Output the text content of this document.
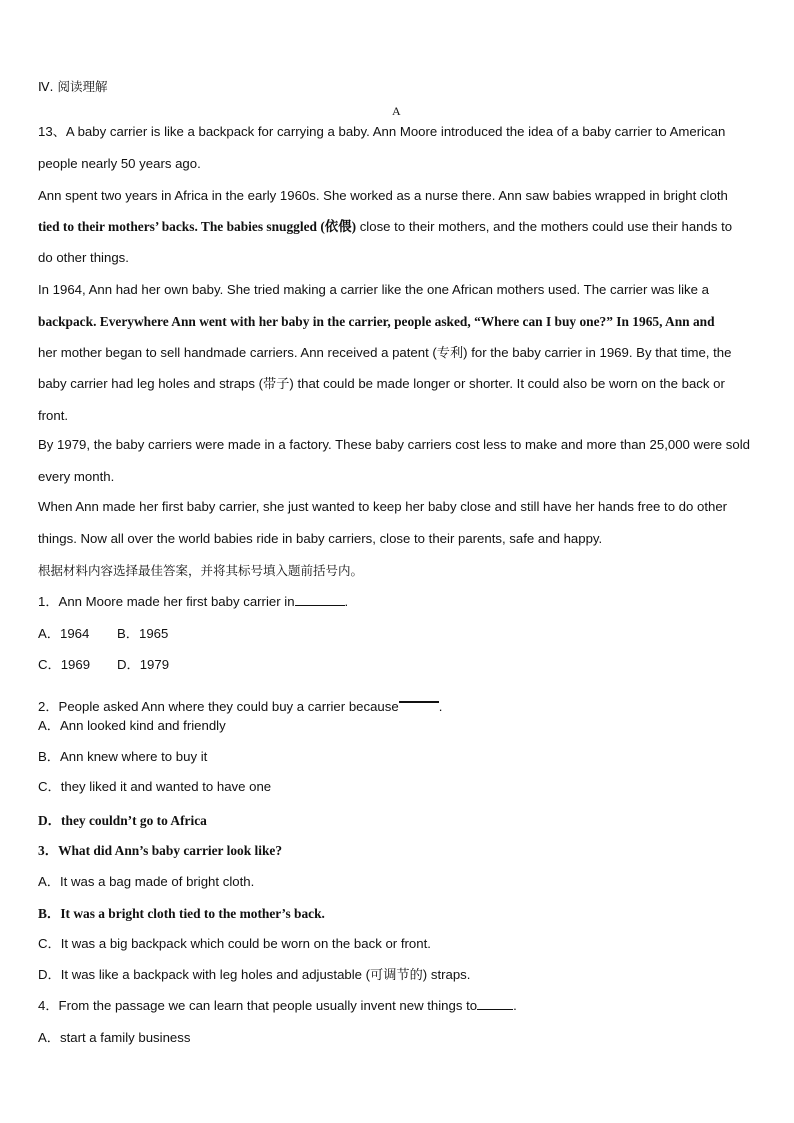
Ⅳ. 阅读理解
A
13、A baby carrier is like a backpack for carrying a baby. Ann Moore introduced the idea of a baby carrier to American
people nearly 50 years ago.
Ann spent two years in Africa in the early 1960s. She worked as a nurse there. Ann saw babies wrapped in bright cloth
tied to their mothers’ backs. The babies snuggled (依偎) close to their mothers, and the mothers could use their hands to
do other things.
In 1964, Ann had her own baby. She tried making a carrier like the one African mothers used. The carrier was like a
backpack. Everywhere Ann went with her baby in the carrier, people asked, “Where can I buy one?” In 1965, Ann and
her mother began to sell handmade carriers. Ann received a patent (专利) for the baby carrier in 1969. By that time, the
baby carrier had leg holes and straps (带子) that could be made longer or shorter. It could also be worn on the back or
front.
By 1979, the baby carriers were made in a factory. These baby carriers cost less to make and more than 25,000 were sold
every month.
When Ann made her first baby carrier, she just wanted to keep her baby close and still have her hands free to do other
things. Now all over the world babies ride in baby carriers, close to their parents, safe and happy.
根据材料内容选择最佳答案，并将其标号填入题前括号内。
1．Ann Moore made her first baby carrier in	.
A．1964 B．1965
C．1969 D．1979
2．People asked Ann where they could buy a carrier because	.
A．Ann looked kind and friendly
B．Ann knew where to buy it
C．they liked it and wanted to have one
D．they couldn’t go to Africa
3．What did Ann’s baby carrier look like?
A．It was a bag made of bright cloth.
B．It was a bright cloth tied to the mother’s back.
C．It was a big backpack which could be worn on the back or front.
D．It was like a backpack with leg holes and adjustable (可调节的) straps.
4．From the passage we can learn that people usually invent new things to	.
A．start a family business
